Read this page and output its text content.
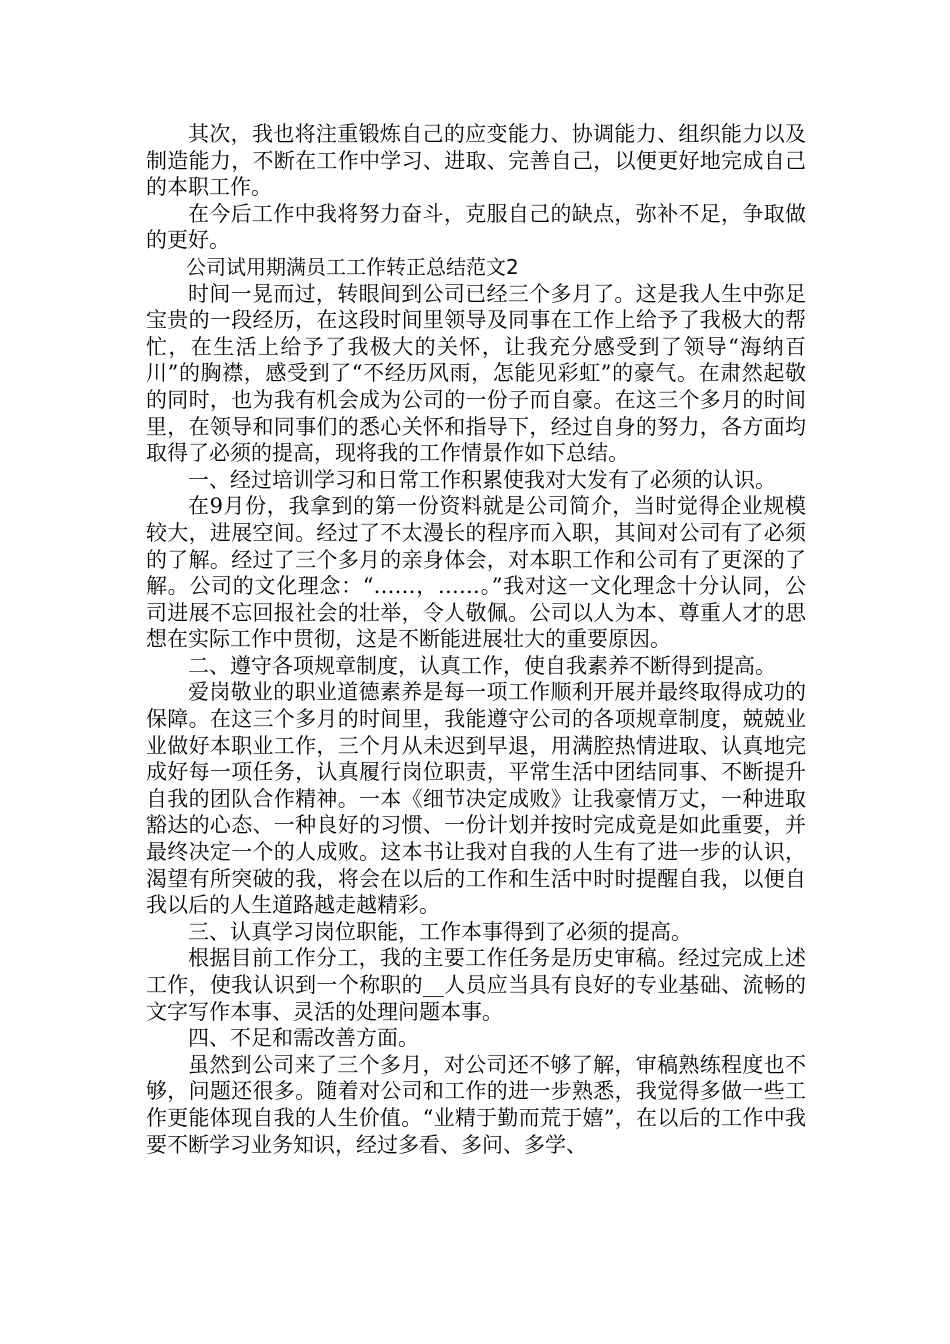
其次，我也将注重锻炼自己的应变能力、协调能力、组织能力以及制造能力，不断在工作中学习、进取、完善自己，以便更好地完成自己的本职工作。

在今后工作中我将努力奋斗，克服自己的缺点，弥补不足，争取做的更好。

公司试用期满员工工作转正总结范文2

时间一晃而过，转眼间到公司已经三个多月了。这是我人生中弥足宝贵的一段经历，在这段时间里领导及同事在工作上给予了我极大的帮忙，在生活上给予了我极大的关怀，让我充分感受到了领导“海纳百川”的胸襟，感受到了“不经历风雨，怎能见彩虹”的豪气。在肃然起敬的同时，也为我有机会成为公司的一份子而自豪。在这三个多月的时间里，在领导和同事们的悉心关怀和指导下，经过自身的努力，各方面均取得了必须的提高，现将我的工作情景作如下总结。

一、经过培训学习和日常工作积累使我对大发有了必须的认识。

在9月份，我拿到的第一份资料就是公司简介，当时觉得企业规模较大，进展空间。经过了不太漫长的程序而入职，其间对公司有了必须的了解。经过了三个多月的亲身体会，对本职工作和公司有了更深的了解。公司的文化理念：“……，……。”我对这一文化理念十分认同，公司进展不忘回报社会的壮举，令人敬佩。公司以人为本、尊重人才的思想在实际工作中贯彻，这是不断能进展壮大的重要原因。

二、遵守各项规章制度，认真工作，使自我素养不断得到提高。

爱岗敬业的职业道德素养是每一项工作顺利开展并最终取得成功的保障。在这三个多月的时间里，我能遵守公司的各项规章制度，兢兢业业做好本职业工作，三个月从未迟到早退，用满腔热情进取、认真地完成好每一项任务，认真履行岗位职责，平常生活中团结同事、不断提升自我的团队合作精神。一本《细节决定成败》让我豪情万丈，一种进取豁达的心态、一种良好的习惯、一份计划并按时完成竟是如此重要，并最终决定一个的人成败。这本书让我对自我的人生有了进一步的认识，渴望有所突破的我，将会在以后的工作和生活中时时提醒自我，以便自我以后的人生道路越走越精彩。

三、认真学习岗位职能，工作本事得到了必须的提高。

根据目前工作分工，我的主要工作任务是历史审稿。经过完成上述工作，使我认识到一个称职的__人员应当具有良好的专业基础、流畅的文字写作本事、灵活的处理问题本事。

四、不足和需改善方面。

虽然到公司来了三个多月，对公司还不够了解，审稿熟练程度也不够，问题还很多。随着对公司和工作的进一步熟悉，我觉得多做一些工作更能体现自我的人生价值。“业精于勤而荒于嬉”，在以后的工作中我要不断学习业务知识，经过多看、多问、多学、
